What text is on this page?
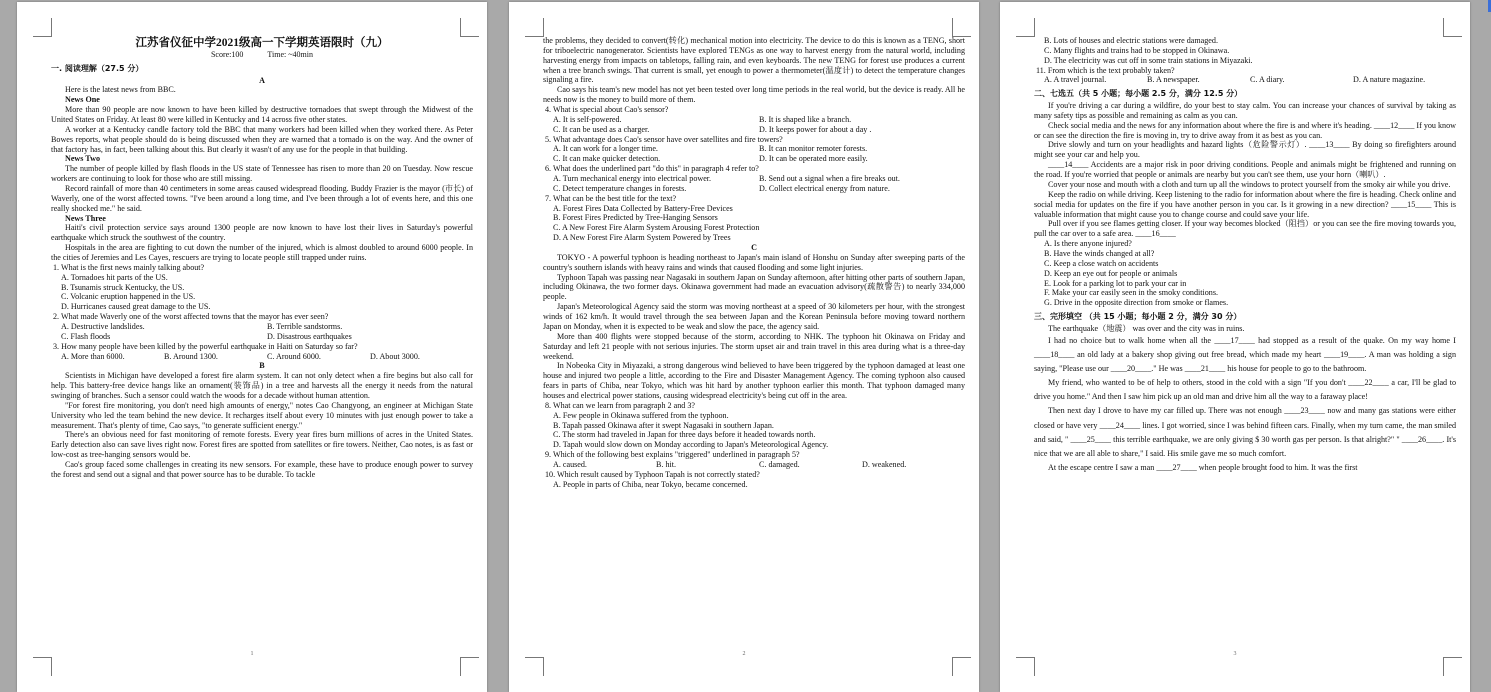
江苏省仪征中学2021级高一下学期英语限时（九）

Score:100	Time: ~40min

一. 阅读理解（27.5 分）

A

Here is the latest news from BBC.

News One

More than 90 people are now known to have been killed by destructive tornadoes that swept through the Midwest of the United States on Friday. At least 80 were killed in Kentucky and 14 across five other states.

A worker at a Kentucky candle factory told the BBC that many workers had been killed when they worked there. As Peter Bowes reports, what people should do is being discussed when they are warned that a tornado is on the way. And the owner of that factory has, in fact, been talking about this. But clearly it wasn't of any use for the people in that building.

News Two

The number of people killed by flash floods in the US state of Tennessee has risen to more than 20 on Tuesday. Now rescue workers are continuing to look for those who are still missing.

Record rainfall of more than 40 centimeters in some areas caused widespread flooding. Buddy Frazier is the mayor (市长) of Waverly, one of the worst affected towns. "I've been around a long time, and I've been through a lot of events here, and this one really shocked me." he said.

News Three

Haiti's civil protection service says around 1300 people are now known to have lost their lives in Saturday's powerful earthquake which struck the southwest of the country.

Hospitals in the area are fighting to cut down the number of the injured, which is almost doubled to around 6000 people. In the cities of Jeremies and Les Cayes, rescuers are trying to locate people still trapped under ruins.

1. What is the first news mainly talking about?

A. Tornadoes hit parts of the US.

B. Tsunamis struck Kentucky, the US.

C. Volcanic eruption happened in the US.

D. Hurricanes caused great damage to the US.

2. What made Waverly one of the worst affected towns that the mayor has ever seen?

A. Destructive landslides.	B. Terrible sandstorms.
C. Flash floods	D. Disastrous earthquakes

3. How many people have been killed by the powerful earthquake in Haiti on Saturday so far?

A. More than 6000.	B. Around 1300.	C. Around 6000.	D. About 3000.

B

Scientists in Michigan have developed a forest fire alarm system. It can not only detect when a fire begins but also call for help. This battery-free device hangs like an ornament(装饰品) in a tree and harvests all the energy it needs from the natural swinging of branches. Such a sensor could watch the woods for a decade without human attention.

"For forest fire monitoring, you don't need high amounts of energy," notes Cao Changyong, an engineer at Michigan State University who led the team behind the new device. It recharges itself about every 10 minutes with just enough power to take a measurement. That's plenty of time, Cao says, "to generate sufficient energy."

There's an obvious need for fast monitoring of remote forests. Every year fires burn millions of acres in the United States. Early detection also can save lives right now. Forest fires are spotted from satellites or fire towers. Neither, Cao notes, is as fast or low-cost as tree-hanging sensors would be.

Cao's group faced some challenges in creating its new sensors. For example, these have to produce enough power to survey the forest and send out a signal and that power source has to be durable. To tackle

1

the problems, they decided to convert(转化) mechanical motion into electricity. The device to do this is known as a TENG, short for triboelectric nanogenerator. Scientists have explored TENGs as one way to harvest energy from the natural world, including harvesting energy from impacts on tabletops, falling rain, and even keyboards. The new TENG for forest use produces a current when a tree branch swings. That current is small, yet enough to power a thermometer(温度计) to detect the temperature changes signaling a fire.

Cao says his team's new model has not yet been tested over long time periods in the real world, but the device is ready. All he needs now is the money to build more of them.

4. What is special about Cao's sensor?

A. It is self-powered.	B. It is shaped like a branch.
C. It can be used as a charger.	D. It keeps power for about a day .

5. What advantage does Cao's sensor have over satellites and fire towers?

A. It can work for a longer time.	B. It can monitor remoter forests.
C. It can make quicker detection.	D. It can be operated more easily.

6. What does the underlined part "do this" in paragraph 4 refer to?

A. Turn mechanical energy into electrical power.	B. Send out a signal when a fire breaks out.
C. Detect temperature changes in forests.	D. Collect electrical energy from nature.

7. What can be the best title for the text?

A. Forest Fires Data Collected by Battery-Free Devices

B. Forest Fires Predicted by Tree-Hanging Sensors

C. A New Forest Fire Alarm System Arousing Forest Protection

D. A New Forest Fire Alarm System Powered by Trees

C

TOKYO - A powerful typhoon is heading northeast to Japan's main island of Honshu on Sunday after sweeping parts of the country's southern islands with heavy rains and winds that caused flooding and some light injuries.

Typhoon Tapah was passing near Nagasaki in southern Japan on Sunday afternoon, after hitting other parts of southern Japan, including Okinawa, the two former days. Okinawa government had made an evacuation advisory(疏散警告) to nearly 334,000 people.

Japan's Meteorological Agency said the storm was moving northeast at a speed of 30 kilometers per hour, with the strongest winds of 162 km/h. It would travel through the sea between Japan and the Korean Peninsula before moving toward northern Japan on Monday, when it is expected to be weak and slow the pace, the agency said.

More than 400 flights were stopped because of the storm, according to NHK. The typhoon hit Okinawa on Friday and Saturday and left 21 people with not serious injuries. The storm upset air and train travel in this area during what is a three-day weekend.

In Nobeoka City in Miyazaki, a strong dangerous wind believed to have been triggered by the typhoon damaged at least one house and injured two people a little, according to the Fire and Disaster Management Agency. The coming typhoon also caused fears in parts of Chiba, near Tokyo, which was hit hard by another typhoon earlier this month. That typhoon damaged many houses and electrical power stations, causing widespread electricity's being cut off in the area.

8. What can we learn from paragraph 2 and 3?

A. Few people in Okinawa suffered from the typhoon.

B. Tapah passed Okinawa after it swept Nagasaki in southern Japan.

C. The storm had traveled in Japan for three days before it headed towards north.

D. Tapah would slow down on Monday according to Japan's Meteorological Agency.

9. Which of the following best explains "triggered" underlined in paragraph 5?

A. caused.	B. hit.	C. damaged.	D. weakened.

10. Which result caused by Typhoon Tapah is not correctly stated?

A. People in parts of Chiba, near Tokyo, became concerned.

2

B. Lots of houses and electric stations were damaged.

C. Many flights and trains had to be stopped in Okinawa.

D. The electricity was cut off in some train stations in Miyazaki.

11. From which is the text probably taken?

A. A travel journal.	B. A newspaper.	C. A diary.	D. A nature magazine.

二、七选五（共 5 小题；每小题 2.5 分，满分 12.5 分）

If you're driving a car during a wildfire, do your best to stay calm. You can increase your chances of survival by taking as many safety tips as possible and remaining as calm as you can.

Check social media and the news for any information about where the fire is and where it's heading. ____12____ If you know or can see the direction the fire is moving in, try to drive away from it as best as you can.

Drive slowly and turn on your headlights and hazard lights（危险警示灯）. ____13____ By doing so firefighters around might see your car and help you.

____14____ Accidents are a major risk in poor driving conditions. People and animals might be frightened and running on the road. If you're worried that people or animals are nearby but you can't see them, use your horn（喇叭）.

Cover your nose and mouth with a cloth and turn up all the windows to protect yourself from the smoky air while you drive.

Keep the radio on while driving. Keep listening to the radio for information about where the fire is heading. Check online and social media for updates on the fire if you have another person in you car. Is it growing in a new direction? ____15____ This is valuable information that might cause you to change course and could save your life.

Pull over if you see flames getting closer. If your way becomes blocked（阻挡）or you can see the fire moving towards you, pull the car over to a safe area. ____16____

A. Is there anyone injured?

B. Have the winds changed at all?

C. Keep a close watch on accidents

D. Keep an eye out for people or animals

E. Look for a parking lot to park your car in

F. Make your car easily seen in the smoky conditions.

G. Drive in the opposite direction from smoke or flames.

三、完形填空 （共 15 小题；每小题 2 分，满分 30 分）

The earthquake（地震） was over and the city was in ruins.

I had no choice but to walk home when all the ____17____ had stopped as a result of the quake. On my way home I ____18____ an old lady at a bakery shop giving out free bread, which made my heart ____19____. A man was holding a sign saying, "Please use our ____20____." He was ____21____ his house for people to go to the bathroom.

My friend, who wanted to be of help to others, stood in the cold with a sign "If you don't ____22____ a car, I'll be glad to drive you home." And then I saw him pick up an old man and drive him all the way to a faraway place!

Then next day I drove to have my car filled up. There was not enough ____23____ now and many gas stations were either closed or have very ____24____ lines. I got worried, since I was behind fifteen cars. Finally, when my turn came, the man smiled and said, " ____25____ this terrible earthquake, we are only giving $ 30 worth gas per person. Is that alright?" " ____26____. It's nice that we are all able to share," I said. His smile gave me so much comfort.

At the escape centre I saw a man ____27____ when people brought food to him. It was the first

3
